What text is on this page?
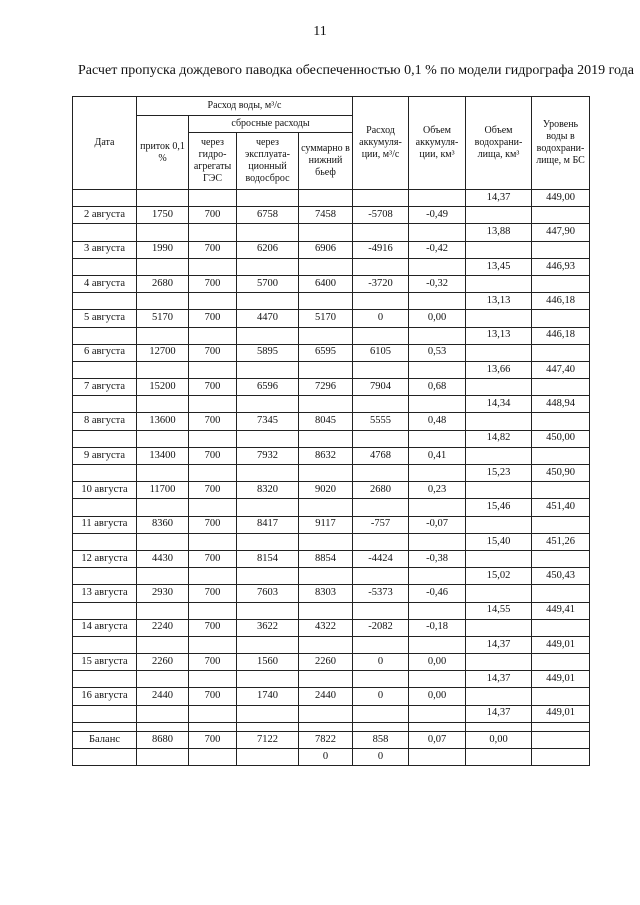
11
Расчет пропуска дождевого паводка обеспеченностью 0,1 % по модели гидрографа 2019 года
Дата	Расход воды, м³/с				Расход аккумуля-ции, м³/с	Объем аккумуля-ции, км³	Объем водохрани-лища, км³	Уровень воды в водохрани-лище, м БС
	приток 0,1 %	сбросные расходы						
		через гидро-агрегаты ГЭС	через эксплуата-ционный водосброс	суммарно в нижний бьеф				
							14,37	449,00
2 августа	1750	700	6758	7458	-5708	-0,49		
							13,88	447,90
3 августа	1990	700	6206	6906	-4916	-0,42		
							13,45	446,93
4 августа	2680	700	5700	6400	-3720	-0,32		
							13,13	446,18
5 августа	5170	700	4470	5170	0	0,00		
							13,13	446,18
6 августа	12700	700	5895	6595	6105	0,53		
							13,66	447,40
7 августа	15200	700	6596	7296	7904	0,68		
							14,34	448,94
8 августа	13600	700	7345	8045	5555	0,48		
							14,82	450,00
9 августа	13400	700	7932	8632	4768	0,41		
							15,23	450,90
10 августа	11700	700	8320	9020	2680	0,23		
							15,46	451,40
11 августа	8360	700	8417	9117	-757	-0,07		
							15,40	451,26
12 августа	4430	700	8154	8854	-4424	-0,38		
							15,02	450,43
13 августа	2930	700	7603	8303	-5373	-0,46		
							14,55	449,41
14 августа	2240	700	3622	4322	-2082	-0,18		
							14,37	449,01
15 августа	2260	700	1560	2260	0	0,00		
							14,37	449,01
16 августа	2440	700	1740	2440	0	0,00		
							14,37	449,01

Баланс	8680	700	7122	7822	858	0,07	0,00	
				0	0			
